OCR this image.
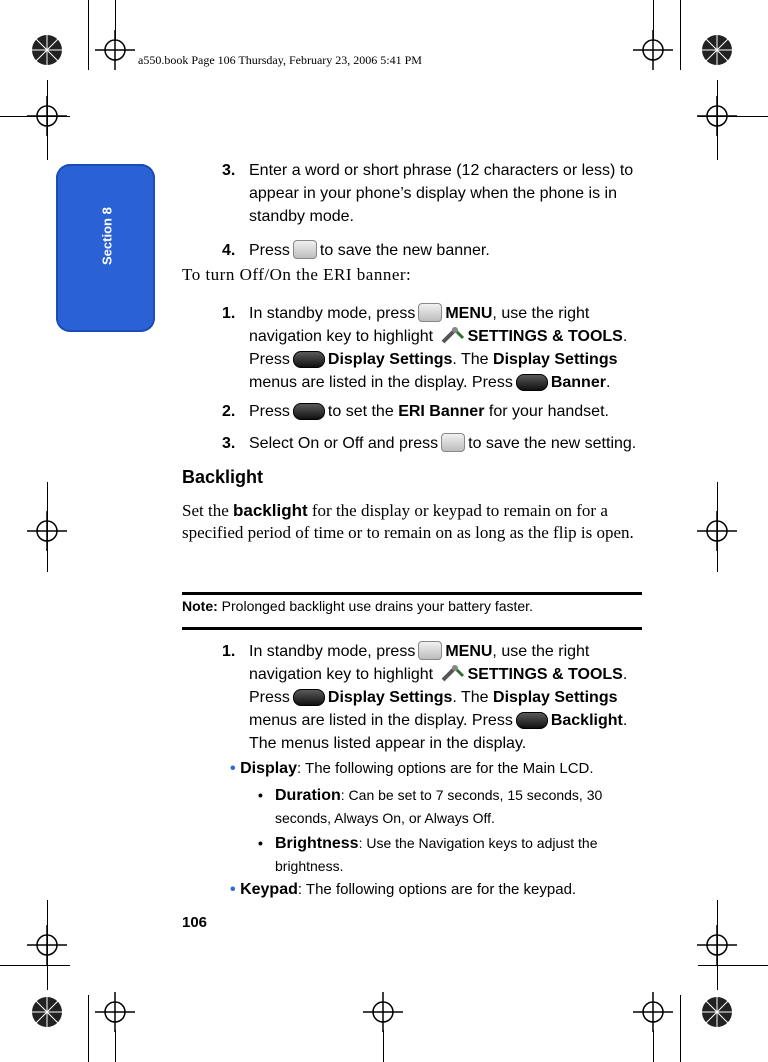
a550.book Page 106 Thursday, February 23, 2006 5:41 PM
Section 8
3. Enter a word or short phrase (12 characters or less) to appear in your phone’s display when the phone is in standby mode.
4. Press to save the new banner.
To turn Off/On the ERI banner:
1. In standby mode, press MENU, use the right navigation key to highlight SETTINGS & TOOLS. Press Display Settings. The Display Settings menus are listed in the display. Press Banner.
2. Press to set the ERI Banner for your handset.
3. Select On or Off and press to save the new setting.
Backlight
Set the backlight for the display or keypad to remain on for a specified period of time or to remain on as long as the flip is open.
Note: Prolonged backlight use drains your battery faster.
1. In standby mode, press MENU, use the right navigation key to highlight SETTINGS & TOOLS. Press Display Settings. The Display Settings menus are listed in the display. Press Backlight. The menus listed appear in the display.
• Display: The following options are for the Main LCD.
• Duration: Can be set to 7 seconds, 15 seconds, 30 seconds, Always On, or Always Off.
• Brightness: Use the Navigation keys to adjust the brightness.
• Keypad: The following options are for the keypad.
106
